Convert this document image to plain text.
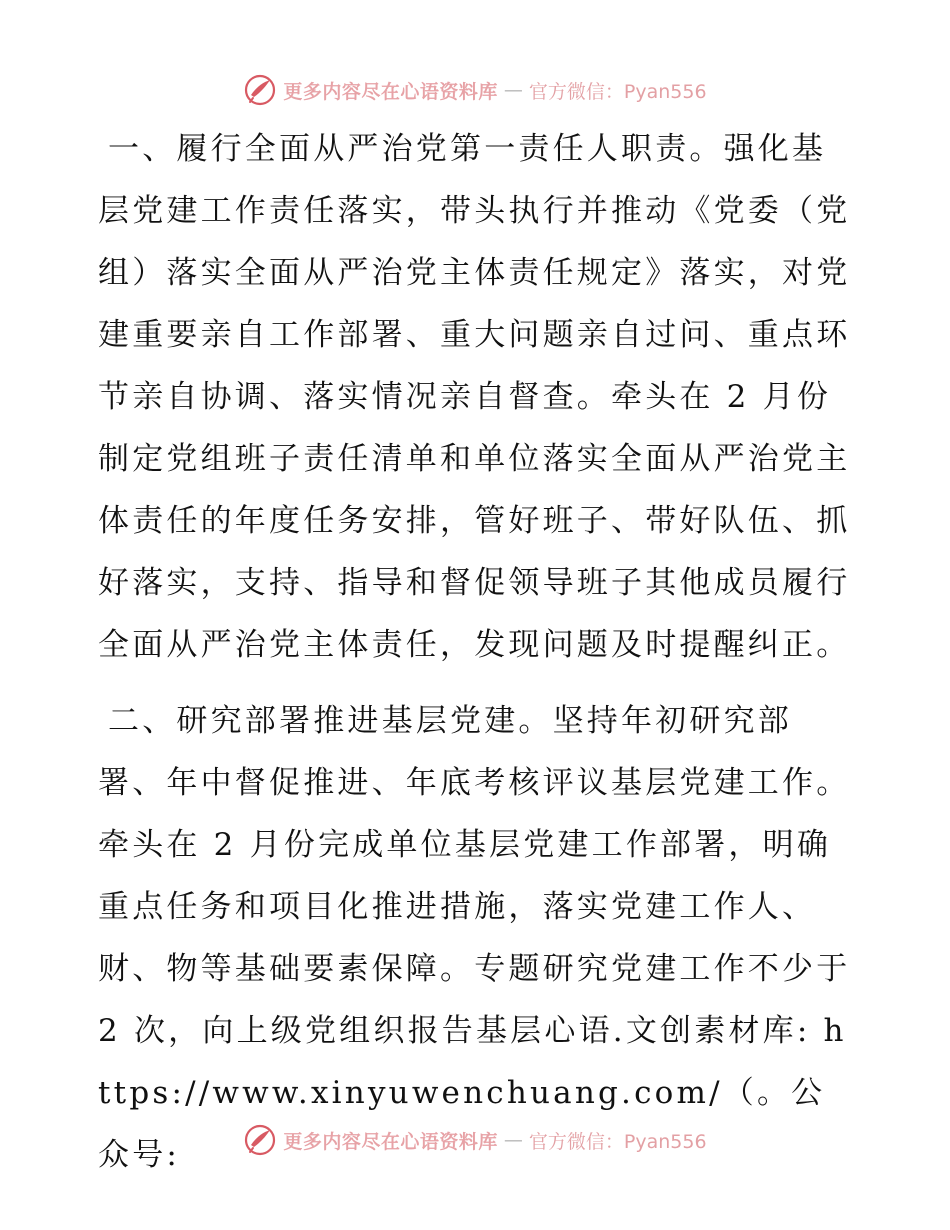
更多内容尽在心语资料库 — 官方微信：Pyan556

一、履行全面从严治党第一责任人职责。强化基层党建工作责任落实，带头执行并推动《党委（党组）落实全面从严治党主体责任规定》落实，对党建重要亲自工作部署、重大问题亲自过问、重点环节亲自协调、落实情况亲自督查。牵头在 2 月份制定党组班子责任清单和单位落实全面从严治党主体责任的年度任务安排，管好班子、带好队伍、抓好落实，支持、指导和督促领导班子其他成员履行全面从严治党主体责任，发现问题及时提醒纠正。

二、研究部署推进基层党建。坚持年初研究部署、年中督促推进、年底考核评议基层党建工作。牵头在 2 月份完成单位基层党建工作部署，明确重点任务和项目化推进措施，落实党建工作人、财、物等基础要素保障。专题研究党建工作不少于 2 次，向上级党组织报告基层心语.文创素材库: https://www.xinyuwenchuang.com/（。公众号:	更多内容尽在心语资料库 — 官方微信：Pyan556
